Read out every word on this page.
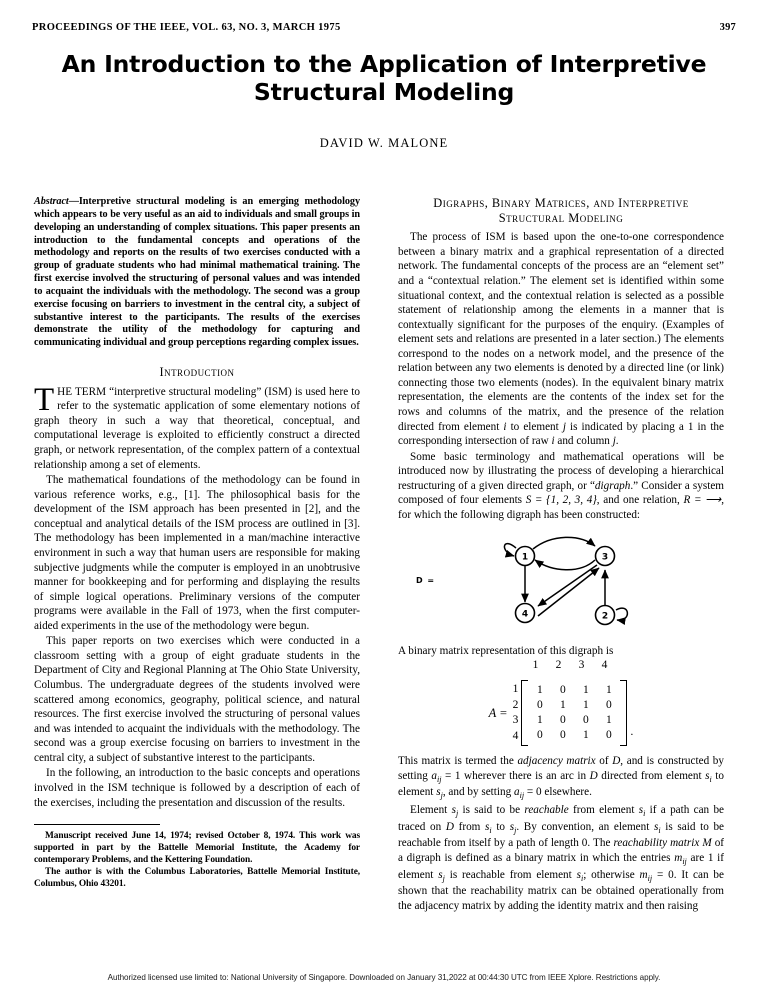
PROCEEDINGS OF THE IEEE, VOL. 63, NO. 3, MARCH 1975	397
An Introduction to the Application of Interpretive Structural Modeling
DAVID W. MALONE

Abstract—Interpretive structural modeling is an emerging methodology which appears to be very useful as an aid to individuals and small groups in developing an understanding of complex situations. This paper presents an introduction to the fundamental concepts and operations of the methodology and reports on the results of two exercises conducted with a group of graduate students who had minimal mathematical training. The first exercise involved the structuring of personal values and was intended to acquaint the individuals with the methodology. The second was a group exercise focusing on barriers to investment in the central city, a subject of substantive interest to the participants. The results of the exercises demonstrate the utility of the methodology for capturing and communicating individual and group perceptions regarding complex issues.

Introduction

THE TERM “interpretive structural modeling” (ISM) is used here to refer to the systematic application of some elementary notions of graph theory in such a way that theoretical, conceptual, and computational leverage is exploited to efficiently construct a directed graph, or network representation, of the complex pattern of a contextual relationship among a set of elements.

The mathematical foundations of the methodology can be found in various reference works, e.g., [1]. The philosophical basis for the development of the ISM approach has been presented in [2], and the conceptual and analytical details of the ISM process are outlined in [3]. The methodology has been implemented in a man/machine interactive environment in such a way that human users are responsible for making subjective judgments while the computer is employed in an unobtrusive manner for bookkeeping and for performing and displaying the results of simple logical operations. Preliminary versions of the computer programs were available in the Fall of 1973, when the first computer-aided experiments in the use of the methodology were begun.

This paper reports on two exercises which were conducted in a classroom setting with a group of eight graduate students in the Department of City and Regional Planning at The Ohio State University, Columbus. The undergraduate degrees of the students involved were scattered among economics, geography, political science, and natural resources. The first exercise involved the structuring of personal values and was intended to acquaint the individuals with the methodology. The second was a group exercise focusing on barriers to investment in the central city, a subject of substantive interest to the participants.

In the following, an introduction to the basic concepts and operations involved in the ISM technique is followed by a description of each of the exercises, including the presentation and discussion of the results.

Manuscript received June 14, 1974; revised October 8, 1974. This work was supported in part by the Battelle Memorial Institute, the Academy for contemporary Problems, and the Kettering Foundation.

The author is with the Columbus Laboratories, Battelle Memorial Institute, Columbus, Ohio 43201.

Digraphs, Binary Matrices, and Interpretive
Structural Modeling

The process of ISM is based upon the one-to-one correspondence between a binary matrix and a graphical representation of a directed network. The fundamental concepts of the process are an “element set” and a “contextual relation.” The element set is identified within some situational context, and the contextual relation is selected as a possible statement of relationship among the elements in a manner that is contextually significant for the purposes of the enquiry. (Examples of element sets and relations are presented in a later section.) The elements correspond to the nodes on a network model, and the presence of the relation between any two elements is denoted by a directed line (or link) connecting those two elements (nodes). In the equivalent binary matrix representation, the elements are the contents of the index set for the rows and columns of the matrix, and the presence of the relation directed from element i to element j is indicated by placing a 1 in the corresponding intersection of raw i and column j.

Some basic terminology and mathematical operations will be introduced now by illustrating the process of developing a hierarchical restructuring of a given directed graph, or “digraph.” Consider a system composed of four elements S = {1, 2, 3, 4}, and one relation, R = ⟶, for which the following digraph has been constructed:

D =
1	3
4	2

A binary matrix representation of this digraph is

1	2	3	4
A =
1
2
3
4
1	0	1	1
0	1	1	0
1	0	0	1
0	0	1	0 .

This matrix is termed the adjacency matrix of D, and is constructed by setting $a_{ij} = 1$ wherever there is an arc in D directed from element $s_i$ to element $s_j$, and by setting $a_{ij} = 0$ elsewhere.

Element $s_j$ is said to be reachable from element $s_i$ if a path can be traced on D from $s_i$ to $s_j$. By convention, an element $s_i$ is said to be reachable from itself by a path of length 0. The reachability matrix M of a digraph is defined as a binary matrix in which the entries $m_{ij}$ are 1 if element $s_j$ is reachable from element $s_i$; otherwise $m_{ij} = 0$. It can be shown that the reachability matrix can be obtained operationally from the adjacency matrix by adding the identity matrix and then raising

Authorized licensed use limited to: National University of Singapore. Downloaded on January 31,2022 at 00:44:30 UTC from IEEE Xplore. Restrictions apply.
